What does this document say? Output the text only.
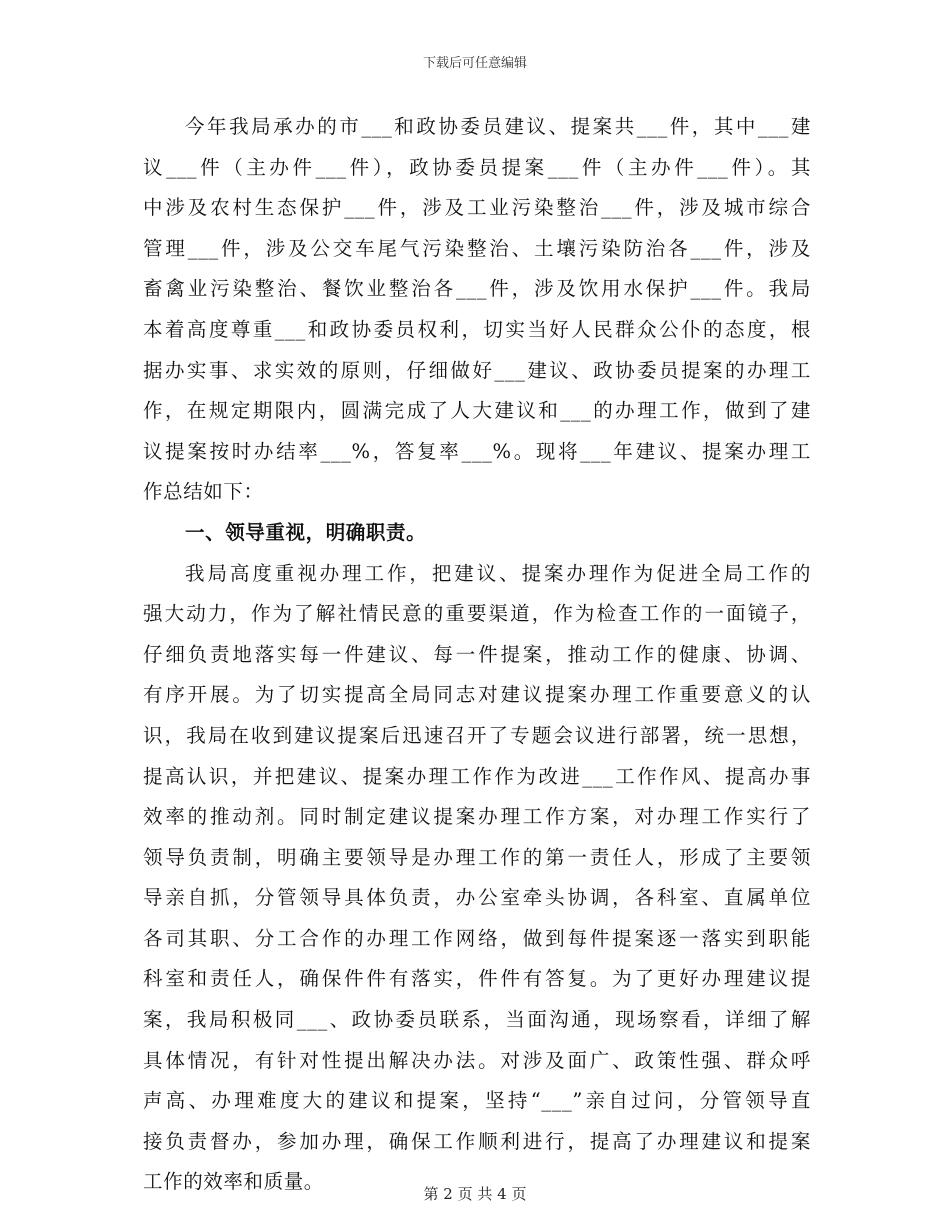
下载后可任意编辑
今年我局承办的市___和政协委员建议、提案共___件，其中___建
议___件（主办件___件），政协委员提案___件（主办件___件）。其
中涉及农村生态保护___件，涉及工业污染整治___件，涉及城市综合
管理___件，涉及公交车尾气污染整治、土壤污染防治各___件，涉及
畜禽业污染整治、餐饮业整治各___件，涉及饮用水保护___件。我局
本着高度尊重___和政协委员权利，切实当好人民群众公仆的态度，根
据办实事、求实效的原则，仔细做好___建议、政协委员提案的办理工
作，在规定期限内，圆满完成了人大建议和___的办理工作，做到了建
议提案按时办结率___%，答复率___%。现将___年建议、提案办理工
作总结如下：
一、领导重视，明确职责。
我局高度重视办理工作，把建议、提案办理作为促进全局工作的
强大动力，作为了解社情民意的重要渠道，作为检查工作的一面镜子，
仔细负责地落实每一件建议、每一件提案，推动工作的健康、协调、
有序开展。为了切实提高全局同志对建议提案办理工作重要意义的认
识，我局在收到建议提案后迅速召开了专题会议进行部署，统一思想，
提高认识，并把建议、提案办理工作作为改进___工作作风、提高办事
效率的推动剂。同时制定建议提案办理工作方案，对办理工作实行了
领导负责制，明确主要领导是办理工作的第一责任人，形成了主要领
导亲自抓，分管领导具体负责，办公室牵头协调，各科室、直属单位
各司其职、分工合作的办理工作网络，做到每件提案逐一落实到职能
科室和责任人，确保件件有落实，件件有答复。为了更好办理建议提
案，我局积极同___、政协委员联系，当面沟通，现场察看，详细了解
具体情况，有针对性提出解决办法。对涉及面广、政策性强、群众呼
声高、办理难度大的建议和提案，坚持“___”亲自过问，分管领导直
接负责督办，参加办理，确保工作顺利进行，提高了办理建议和提案
工作的效率和质量。
第 2 页 共 4 页
